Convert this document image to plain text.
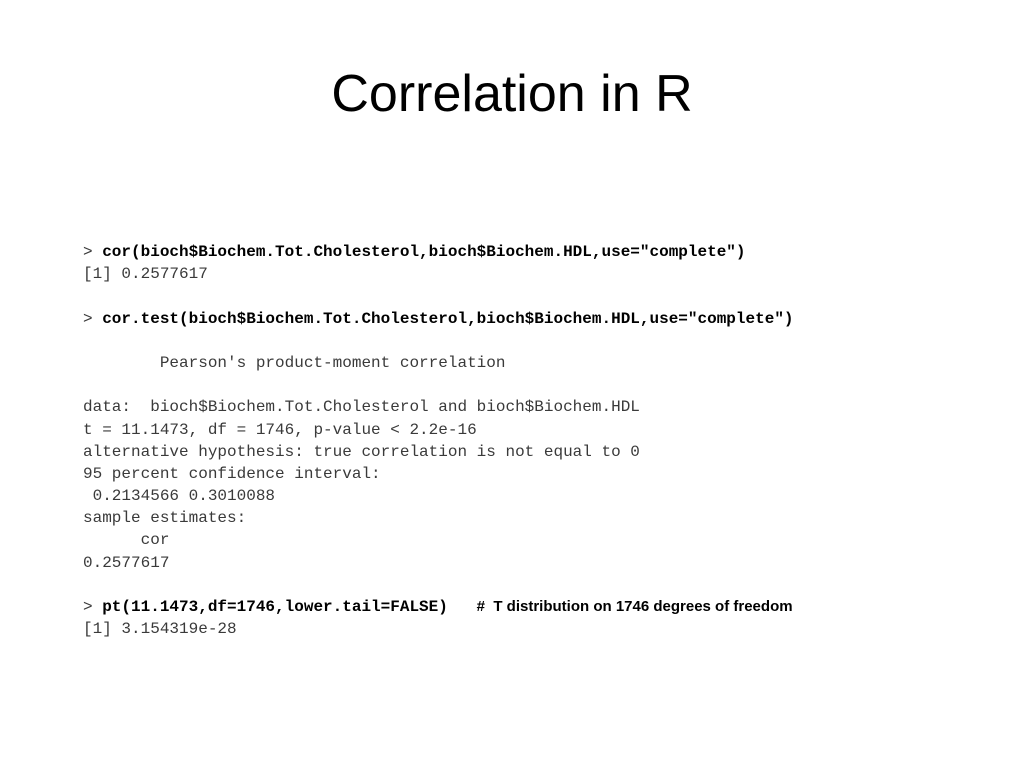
Correlation in R
> cor(bioch$Biochem.Tot.Cholesterol,bioch$Biochem.HDL,use="complete")
[1] 0.2577617
> cor.test(bioch$Biochem.Tot.Cholesterol,bioch$Biochem.HDL,use="complete")
Pearson's product-moment correlation
data:  bioch$Biochem.Tot.Cholesterol and bioch$Biochem.HDL
t = 11.1473, df = 1746, p-value < 2.2e-16
alternative hypothesis: true correlation is not equal to 0
95 percent confidence interval:
0.2134566 0.3010088
sample estimates:
cor
0.2577617
> pt(11.1473,df=1746,lower.tail=FALSE) #  T distribution on 1746 degrees of freedom
[1] 3.154319e-28
